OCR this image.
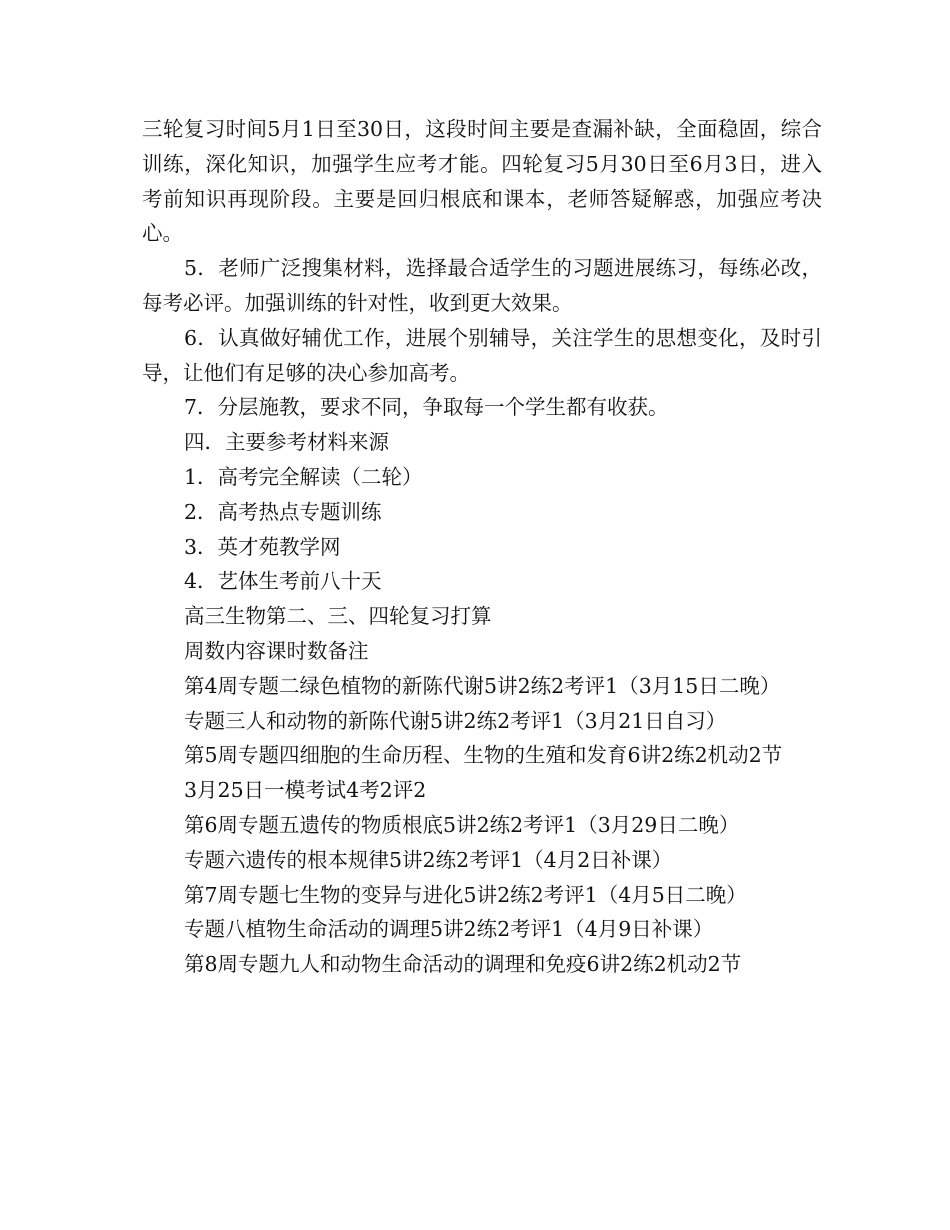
三轮复习时间5月1日至30日，这段时间主要是查漏补缺，全面稳固，综合训练，深化知识，加强学生应考才能。四轮复习5月30日至6月3日，进入考前知识再现阶段。主要是回归根底和课本，老师答疑解惑，加强应考决心。

5．老师广泛搜集材料，选择最合适学生的习题进展练习，每练必改，每考必评。加强训练的针对性，收到更大效果。

6．认真做好辅优工作，进展个别辅导，关注学生的思想变化，及时引导，让他们有足够的决心参加高考。

7．分层施教，要求不同，争取每一个学生都有收获。

四．主要参考材料来源

1．高考完全解读（二轮）

2．高考热点专题训练

3．英才苑教学网

4．艺体生考前八十天

高三生物第二、三、四轮复习打算

周数内容课时数备注

第4周专题二绿色植物的新陈代谢5讲2练2考评1（3月15日二晚）

专题三人和动物的新陈代谢5讲2练2考评1（3月21日自习）

第5周专题四细胞的生命历程、生物的生殖和发育6讲2练2机动2节

3月25日一模考试4考2评2

第6周专题五遗传的物质根底5讲2练2考评1（3月29日二晚）

专题六遗传的根本规律5讲2练2考评1（4月2日补课）

第7周专题七生物的变异与进化5讲2练2考评1（4月5日二晚）

专题八植物生命活动的调理5讲2练2考评1（4月9日补课）

第8周专题九人和动物生命活动的调理和免疫6讲2练2机动2节
